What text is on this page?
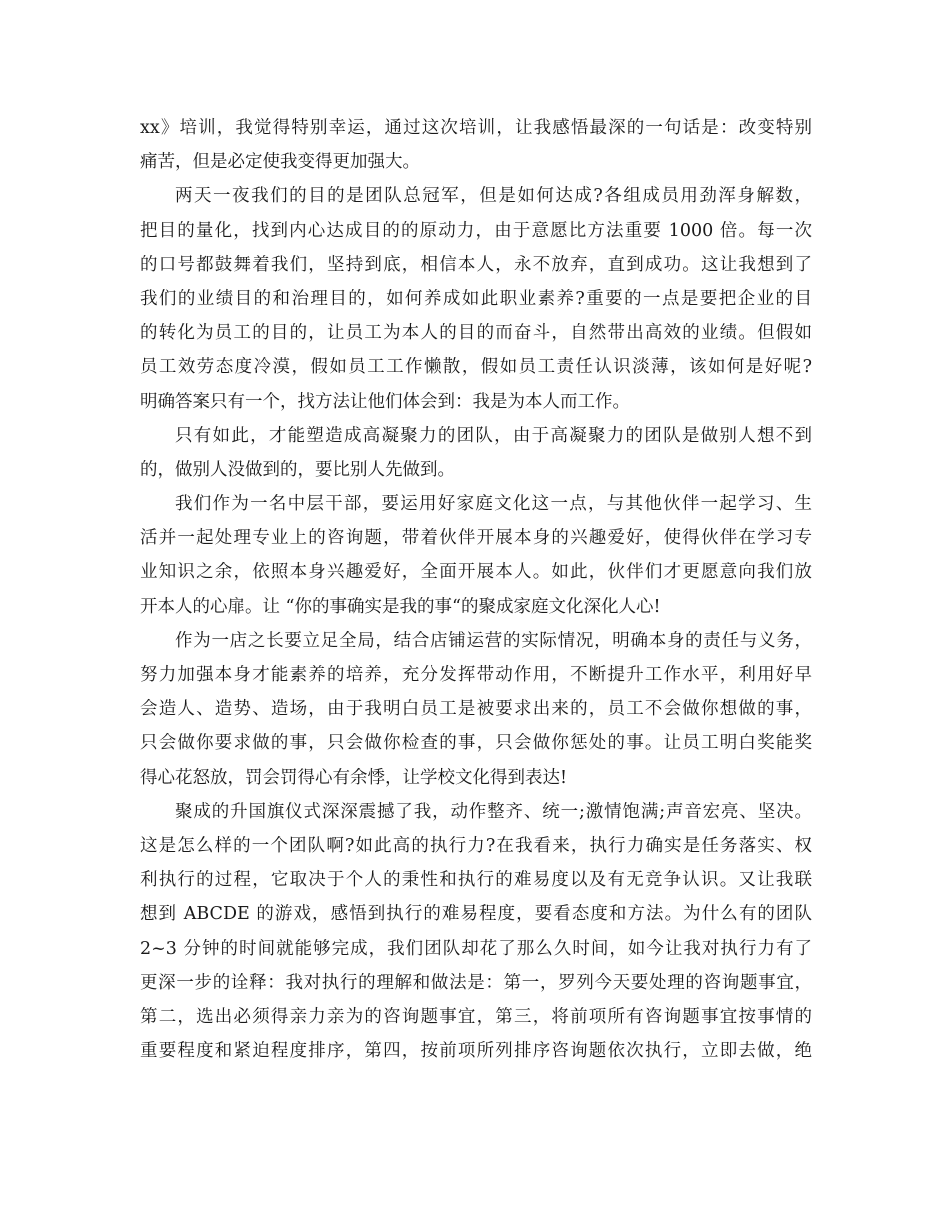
xx》培训，我觉得特别幸运，通过这次培训，让我感悟最深的一句话是：改变特别
痛苦，但是必定使我变得更加强大。
两天一夜我们的目的是团队总冠军，但是如何达成?各组成员用劲浑身解数，
把目的量化，找到内心达成目的的原动力，由于意愿比方法重要 1000 倍。每一次
的口号都鼓舞着我们，坚持到底，相信本人，永不放弃，直到成功。这让我想到了
我们的业绩目的和治理目的，如何养成如此职业素养?重要的一点是要把企业的目
的转化为员工的目的，让员工为本人的目的而奋斗，自然带出高效的业绩。但假如
员工效劳态度冷漠，假如员工工作懒散，假如员工责任认识淡薄，该如何是好呢?
明确答案只有一个，找方法让他们体会到：我是为本人而工作。
只有如此，才能塑造成高凝聚力的团队，由于高凝聚力的团队是做别人想不到
的，做别人没做到的，要比别人先做到。
我们作为一名中层干部，要运用好家庭文化这一点，与其他伙伴一起学习、生
活并一起处理专业上的咨询题，带着伙伴开展本身的兴趣爱好，使得伙伴在学习专
业知识之余，依照本身兴趣爱好，全面开展本人。如此，伙伴们才更愿意向我们放
开本人的心扉。让 “你的事确实是我的事“的聚成家庭文化深化人心!
作为一店之长要立足全局，结合店铺运营的实际情况，明确本身的责任与义务，
努力加强本身才能素养的培养，充分发挥带动作用，不断提升工作水平，利用好早
会造人、造势、造场，由于我明白员工是被要求出来的，员工不会做你想做的事，
只会做你要求做的事，只会做你检查的事，只会做你惩处的事。让员工明白奖能奖
得心花怒放，罚会罚得心有余悸，让学校文化得到表达!
聚成的升国旗仪式深深震撼了我，动作整齐、统一;激情饱满;声音宏亮、坚决。
这是怎么样的一个团队啊?如此高的执行力?在我看来，执行力确实是任务落实、权
利执行的过程，它取决于个人的秉性和执行的难易度以及有无竞争认识。又让我联
想到 ABCDE 的游戏，感悟到执行的难易程度，要看态度和方法。为什么有的团队
2~3 分钟的时间就能够完成，我们团队却花了那么久时间，如今让我对执行力有了
更深一步的诠释：我对执行的理解和做法是：第一，罗列今天要处理的咨询题事宜，
第二，选出必须得亲力亲为的咨询题事宜，第三，将前项所有咨询题事宜按事情的
重要程度和紧迫程度排序，第四，按前项所列排序咨询题依次执行，立即去做，绝
